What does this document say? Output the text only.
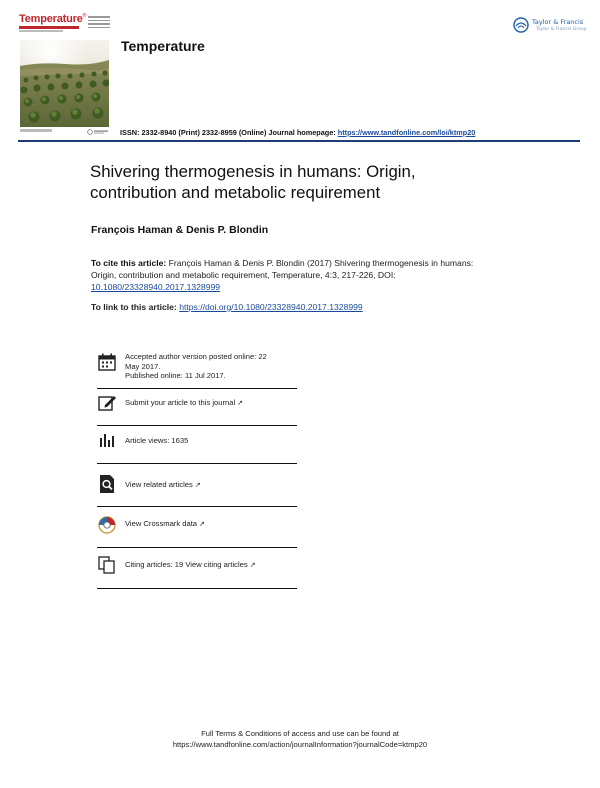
Temperature ®
Temperature
Taylor & Francis
Taylor & Francis Group
ISSN: 2332-8940 (Print) 2332-8959 (Online) Journal homepage: https://www.tandfonline.com/loi/ktmp20
Shivering thermogenesis in humans: Origin,
contribution and metabolic requirement
François Haman & Denis P. Blondin
To cite this article: François Haman & Denis P. Blondin (2017) Shivering thermogenesis in humans: Origin, contribution and metabolic requirement, Temperature, 4:3, 217-226, DOI: 10.1080/23328940.2017.1328999
To link to this article: https://doi.org/10.1080/23328940.2017.1328999
Accepted author version posted online: 22
May 2017.
Published online: 11 Jul 2017.
Submit your article to this journal ↗
Article views: 1635
View related articles ↗
View Crossmark data ↗
Citing articles: 19 View citing articles ↗
Full Terms & Conditions of access and use can be found at
https://www.tandfonline.com/action/journalInformation?journalCode=ktmp20
